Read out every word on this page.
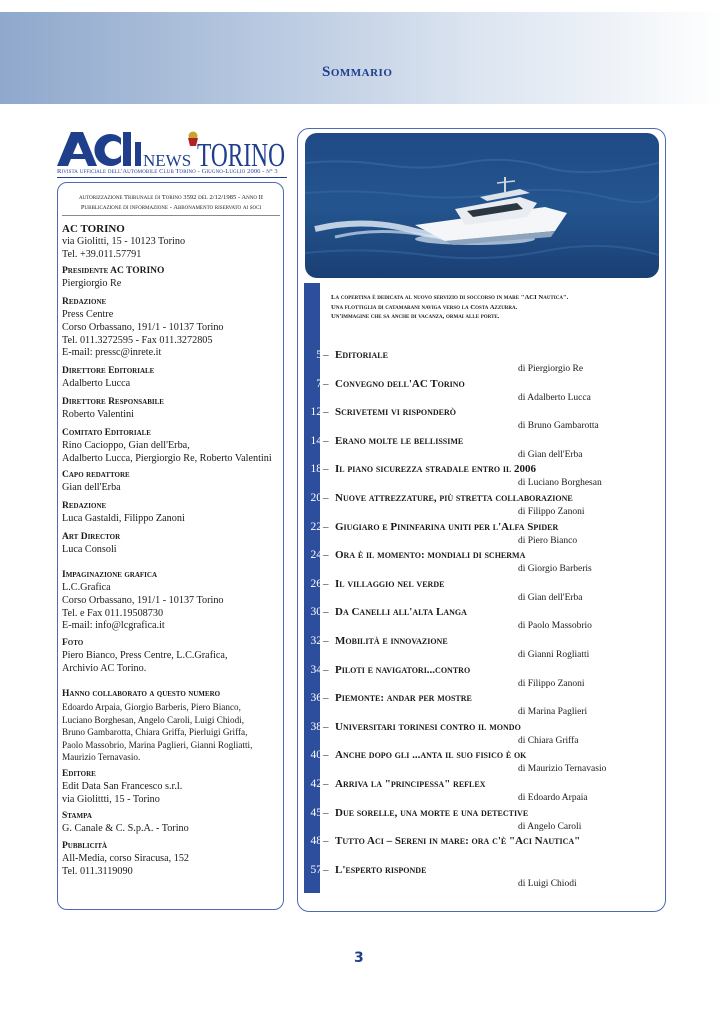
Sommario
NEWS TORINO
Rivista ufficiale dell'Automobile Club Torino - Giugno-Luglio 2006 - n° 3
autorizzazione Tribunale di Torino 3592 del 2/12/1985 - Anno II
Pubblicazione di informazione - Abbonamento riservato ai soci
AC TORINO
via Giolitti, 15 - 10123 Torino
Tel. +39.011.57791
Presidente AC TORINO
Piergiorgio Re
Redazione
Press Centre
Corso Orbassano, 191/1 - 10137 Torino
Tel. 011.3272595 - Fax 011.3272805
E-mail: pressc@inrete.it
Direttore Editoriale
Adalberto Lucca
Direttore Responsabile
Roberto Valentini
Comitato Editoriale
Rino Cacioppo, Gian dell'Erba,
Adalberto Lucca, Piergiorgio Re, Roberto Valentini
Capo redattore
Gian dell'Erba
Redazione
Luca Gastaldi, Filippo Zanoni
Art Director
Luca Consoli
Impaginazione grafica
L.C.Grafica
Corso Orbassano, 191/1 - 10137 Torino
Tel. e Fax 011.19508730
E-mail: info@lcgrafica.it
Foto
Piero Bianco, Press Centre, L.C.Grafica,
Archivio AC Torino.
Hanno collaborato a questo numero
Edoardo Arpaia, Giorgio Barberis, Piero Bianco,
Luciano Borghesan, Angelo Caroli, Luigi Chiodi,
Bruno Gambarotta, Chiara Griffa, Pierluigi Griffa,
Paolo Massobrio, Marina Paglieri, Gianni Rogliatti,
Maurizio Ternavasio.
Editore
Edit Data San Francesco s.r.l.
via Giolittti, 15 - Torino
Stampa
G. Canale & C. S.p.A. - Torino
Pubblicità
All-Media, corso Siracusa, 152
Tel. 011.3119090
La copertina è dedicata al nuovo servizio di soccorso in mare "ACI Nautica".
Una flottiglia di catamarani naviga verso la Costa Azzurra.
Un'immagine che sa anche di vacanza, ormai alle porte.
5 – Editoriale
di Piergiorgio Re
7 – Convegno dell'AC Torino
di Adalberto Lucca
12 – Scrivetemi vi risponderò
di Bruno Gambarotta
14 – Erano molte le bellissime
di Gian dell'Erba
18 – Il piano sicurezza stradale entro il 2006
di Luciano Borghesan
20 – Nuove attrezzature, più stretta collaborazione
di Filippo Zanoni
22 – Giugiaro e Pininfarina uniti per l'Alfa Spider
di Piero Bianco
24 – Ora è il momento: mondiali di scherma
di Giorgio Barberis
26 – Il villaggio nel verde
di Gian dell'Erba
30 – Da Canelli all'alta Langa
di Paolo Massobrio
32 – Mobilità e innovazione
di Gianni Rogliatti
34 – Piloti e navigatori...contro
di Filippo Zanoni
36 – Piemonte: andar per mostre
di Marina Paglieri
38 – Universitari torinesi contro il mondo
di Chiara Griffa
40 – Anche dopo gli ...anta il suo fisico è ok
di Maurizio Ternavasio
42 – Arriva la "principessa" reflex
di Edoardo Arpaia
45 – Due sorelle, una morte e una detective
di Angelo Caroli
48 – Tutto Aci – Sereni in mare: ora c'è "Aci Nautica"
57 – L'esperto risponde
di Luigi Chiodi
3
